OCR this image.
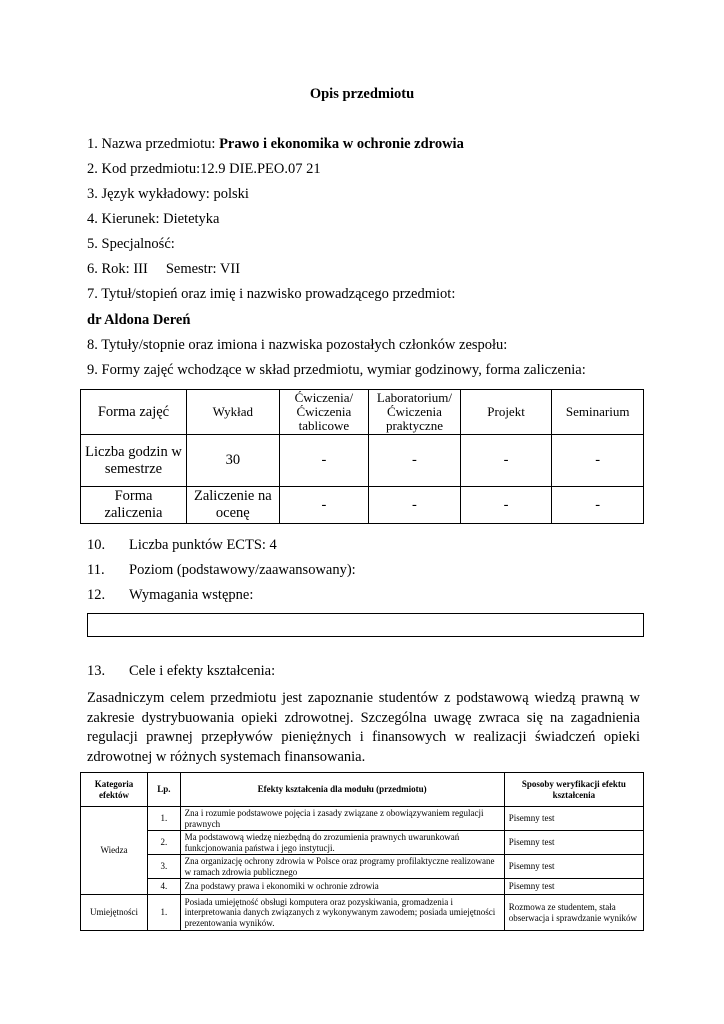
Opis przedmiotu
1. Nazwa przedmiotu: Prawo i ekonomika w ochronie zdrowia
2. Kod przedmiotu:12.9 DIE.PEO.07 21
3. Język wykładowy: polski
4. Kierunek: Dietetyka
5. Specjalność:
6. Rok: III Semestr: VII
7. Tytuł/stopień oraz imię i nazwisko prowadzącego przedmiot:
dr Aldona Dereń
8. Tytuły/stopnie oraz imiona i nazwiska pozostałych członków zespołu:
9. Formy zajęć wchodzące w skład przedmiotu, wymiar godzinowy, forma zaliczenia:
Forma zajęć	Wykład	Ćwiczenia/ Ćwiczenia tablicowe	Laboratorium/ Ćwiczenia praktyczne	Projekt	Seminarium
Liczba godzin w semestrze	30	-	-	-	-
Forma zaliczenia	Zaliczenie na ocenę	-	-	-	-
10. Liczba punktów ECTS: 4
11. Poziom (podstawowy/zaawansowany):
12. Wymagania wstępne:
13. Cele i efekty kształcenia:
Zasadniczym celem przedmiotu jest zapoznanie studentów z podstawową wiedzą prawną w zakresie dystrybuowania opieki zdrowotnej. Szczególna uwagę zwraca się na zagadnienia regulacji prawnej przepływów pieniężnych i finansowych w realizacji świadczeń opieki zdrowotnej w różnych systemach finansowania.
Kategoria efektów	Lp.	Efekty kształcenia dla modułu (przedmiotu)	Sposoby weryfikacji efektu kształcenia
Wiedza	1.	Zna i rozumie podstawowe pojęcia i zasady związane z obowiązywaniem regulacji prawnych	Pisemny test
	2.	Ma podstawową wiedzę niezbędną do zrozumienia prawnych uwarunkowań funkcjonowania państwa i jego instytucji.	Pisemny test
	3.	Zna organizację ochrony zdrowia w Polsce oraz programy profilaktyczne realizowane w ramach zdrowia publicznego	Pisemny test
	4.	Zna podstawy prawa i ekonomiki w ochronie zdrowia	Pisemny test
Umiejętności	1.	Posiada umiejętność obsługi komputera oraz pozyskiwania, gromadzenia i interpretowania danych związanych z wykonywanym zawodem; posiada umiejętności prezentowania wyników.	Rozmowa ze studentem, stała obserwacja i sprawdzanie wyników
